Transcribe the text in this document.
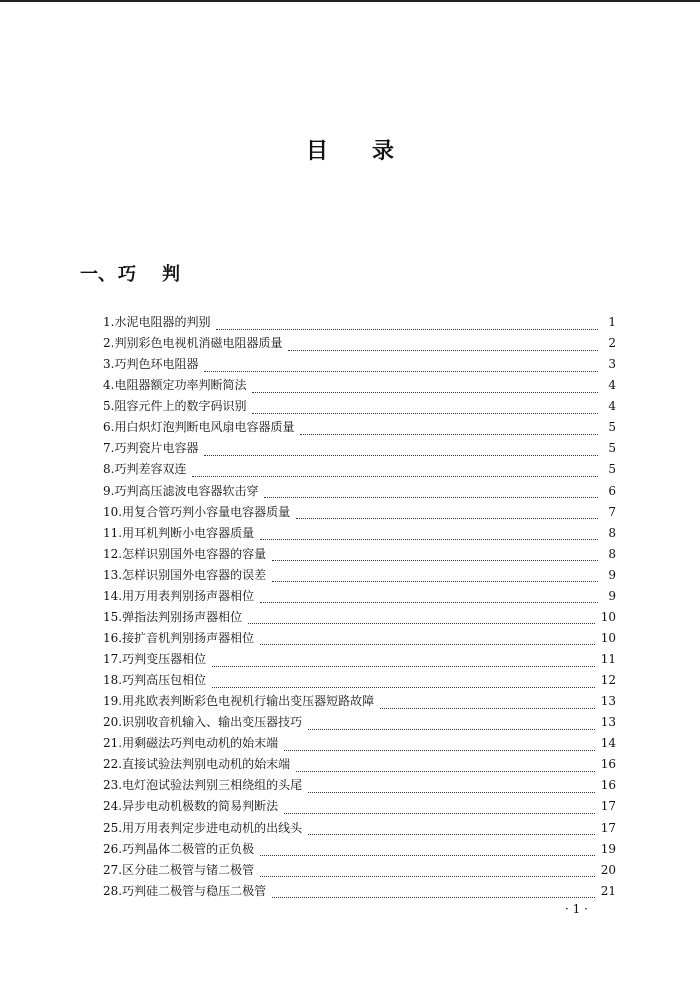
目 录
一、 巧 判
1. 水泥电阻器的判别	1
2. 判别彩色电视机消磁电阻器质量	2
3. 巧判色环电阻器	3
4. 电阻器额定功率判断简法	4
5. 阻容元件上的数字码识别	4
6. 用白炽灯泡判断电风扇电容器质量	5
7. 巧判瓷片电容器	5
8. 巧判差容双连	5
9. 巧判高压滤波电容器软击穿	6
10. 用复合管巧判小容量电容器质量	7
11. 用耳机判断小电容器质量	8
12. 怎样识别国外电容器的容量	8
13. 怎样识别国外电容器的误差	9
14. 用万用表判别扬声器相位	9
15. 弹指法判别扬声器相位	10
16. 接扩音机判别扬声器相位	10
17. 巧判变压器相位	11
18. 巧判高压包相位	12
19. 用兆欧表判断彩色电视机行输出变压器短路故障	13
20. 识别收音机输入、输出变压器技巧	13
21. 用剩磁法巧判电动机的始末端	14
22. 直接试验法判别电动机的始末端	16
23. 电灯泡试验法判别三相绕组的头尾	16
24. 异步电动机极数的简易判断法	17
25. 用万用表判定步进电动机的出线头	17
26. 巧判晶体二极管的正负极	19
27. 区分硅二极管与锗二极管	20
28. 巧判硅二极管与稳压二极管	21
· 1 ·
